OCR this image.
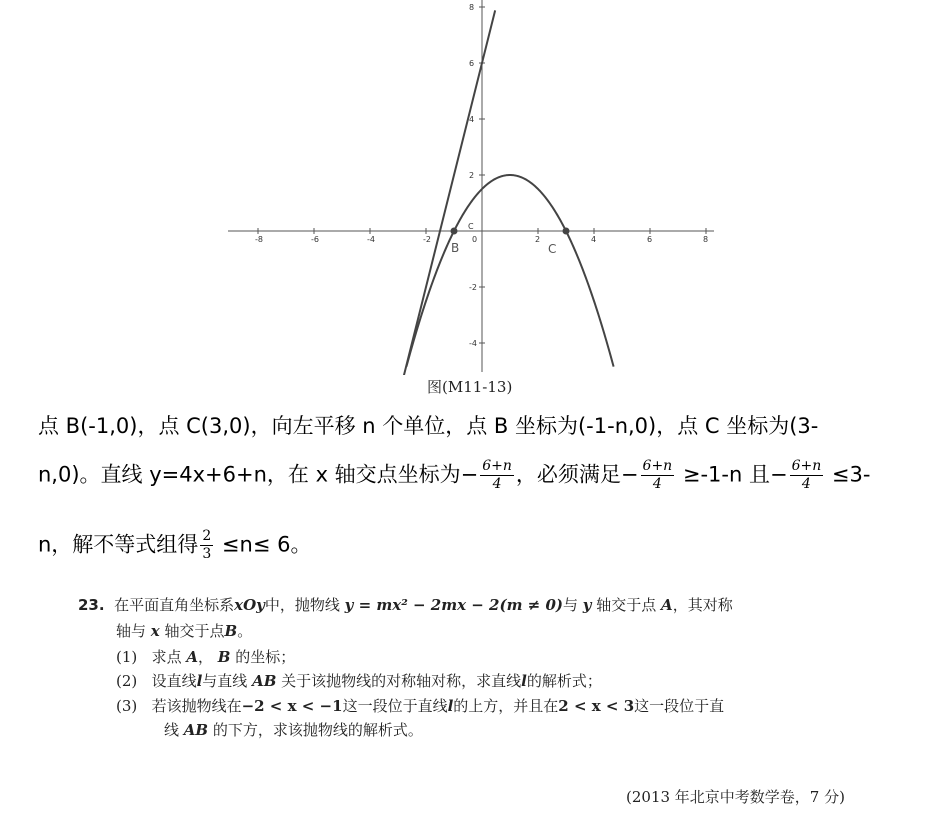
-8	-6	-4	-2	0	2	4	6	8
8
6
4
2
-2
-4
C
B	C
图(M11-13)
点 B(-1,0)，点 C(3,0)，向左平移 n 个单位，点 B 坐标为(-1-n,0)，点 C 坐标为(3-
n,0)。直线 y=4x+6+n，在 x 轴交点坐标为− $\frac{6+n}{4}$ ，必须满足− $\frac{6+n}{4} \ge-1-n$ 且− $\frac{6+n}{4} \le 3-$
n，解不等式组得 $\frac{2}{3} \le n\le 6$。
23. 在平面直角坐标系xOy中，抛物线 y = mx² − 2mx − 2(m ≠ 0)与 y 轴交于点 A，其对称
轴与 x 轴交于点B。
(1) 求点 A， B 的坐标；
(2) 设直线l与直线 AB 关于该抛物线的对称轴对称，求直线l的解析式；
(3) 若该抛物线在−2 < x < −1这一段位于直线l的上方，并且在2 < x < 3这一段位于直
线 AB 的下方，求该抛物线的解析式。
(2013 年北京中考数学卷，7 分)
